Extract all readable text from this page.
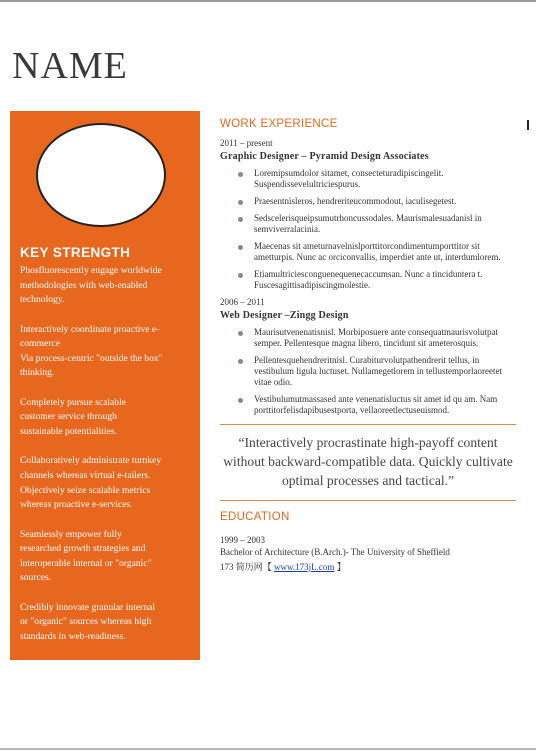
NAME
KEY STRENGTH
Phosfluorescently engage worldwide
methodologies with web-enabled
technology.
Interactively coordinate proactive e-
commerce
Via process-centric "outside the box"
thinking.
Completely pursue scalable
customer service through
sustainable potentialities.
Collaboratively administrate turnkey
channels whereas virtual e-tailers.
Objectively seize scalable metrics
whereas proactive e-services.
Seamlessly empower fully
researched growth strategies and
interoperable internal or "organic"
sources.
Credibly innovate granular internal
or "organic" sources whereas high
standards in web-readiness.
WORK EXPERIENCE
2011 – present
Graphic Designer – Pyramid Design Associates
Loremipsumdolor sitamet, consecteturadipiscingelit. Suspendissevelultriciespurus.
Praesentnisleros, hendreriteucommodout, iaculisegetest.
Sedscelerisqueipsumutrhoncussodales. Maurismalesuadanisl in semviverralacinia.
Maecenas sit ameturnavelnislporttitorcondimentumporttitor sit ametturpis. Nunc ac orciconvallis, imperdiet ante ut, interdumlorem.
Etiamultriciesconguenequenecaccumsan. Nunc a tinciduntera t. Fuscesagittisadipiscingmolestie.
2006 – 2011
Web Designer –Zingg Design
Maurisutvenenatisnisl. Morbiposuere ante consequatmaurisvolutpat semper. Pellentesque magna libero, tincidunt sit ameterosquis.
Pellentesquehendreritnisl. Curabiturvolutpathendrerit tellus, in vestibulum ligula luctuset. Nullamegetlorem in tellustemporlaoreetet vitae odio.
Vestibulumutmassased ante venenatisluctus sit amet id qu am. Nam porttitorfelisdapibusestporta, vellaoreetlectuseuismod.
“Interactively procrastinate high-payoff content without backward-compatible data. Quickly cultivate optimal processes and tactical.”
EDUCATION
1999 – 2003
Bachelor of Architecture (B.Arch.)- The University of Sheffield
173 简历网【 www.173jL.com 】
